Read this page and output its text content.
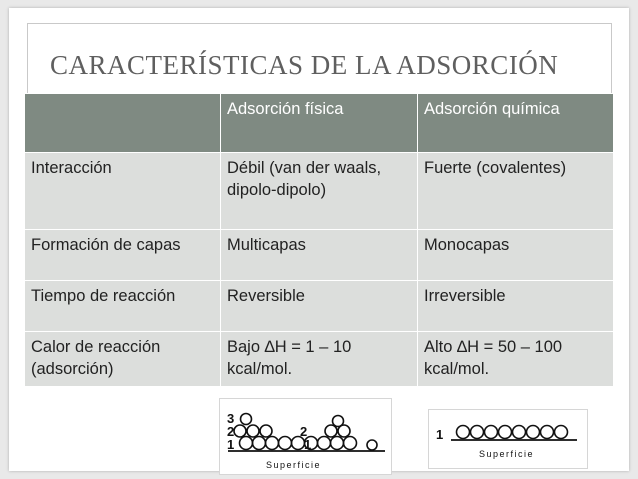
CARACTERÍSTICAS DE LA ADSORCIÓN
	Adsorción física	Adsorción química
Interacción	Débil (van der waals, dipolo-dipolo)	Fuerte (covalentes)
Formación de capas	Multicapas	Monocapas
Tiempo de reacción	Reversible	Irreversible
Calor de reacción (adsorción)	Bajo ∆H = 1 – 10 kcal/mol.	Alto ∆H = 50 – 100 kcal/mol.
3
2
1
2
1
Superficie
1
Superficie
